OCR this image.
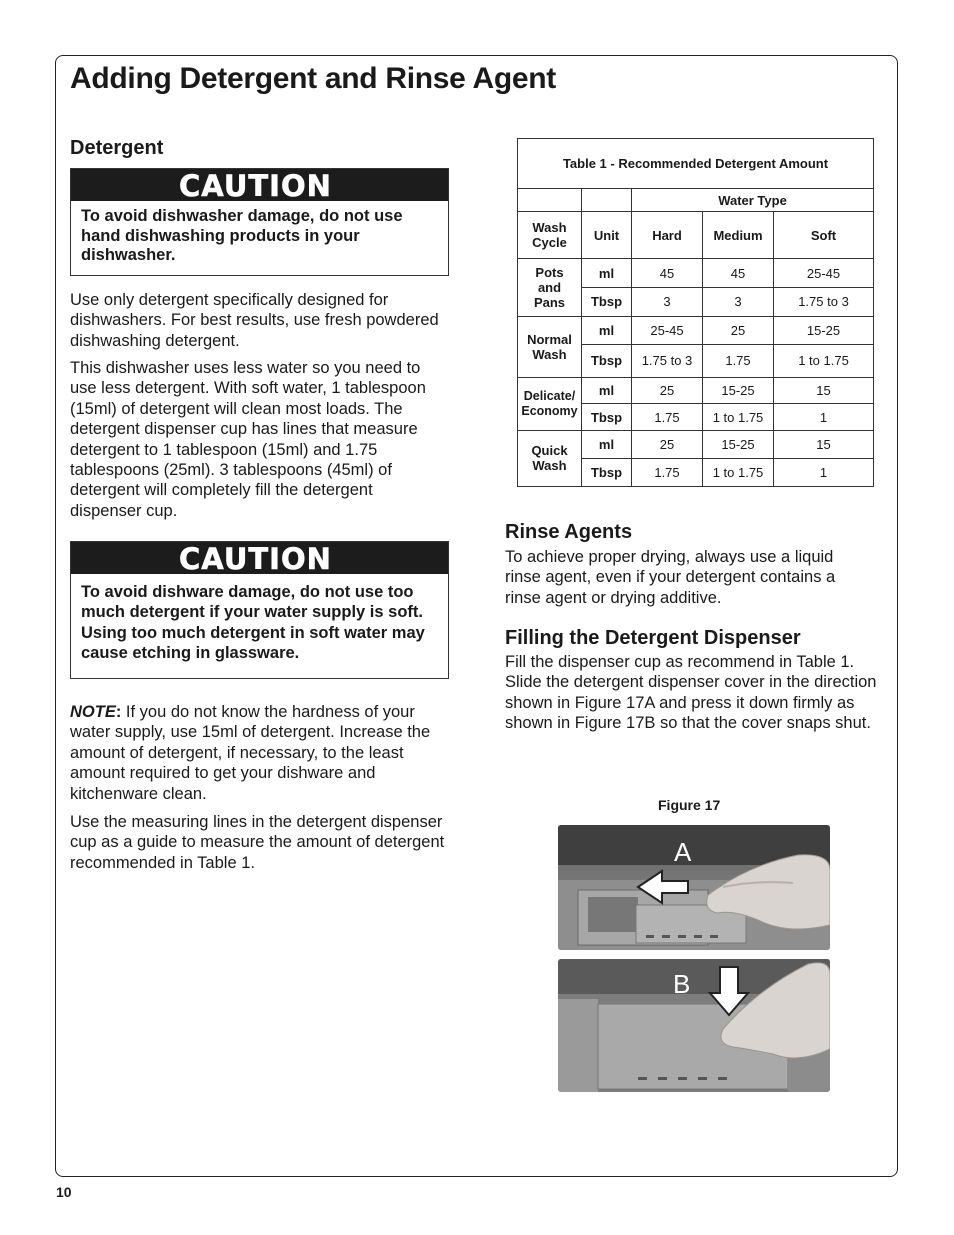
Adding Detergent and Rinse Agent
Detergent
CAUTION
To avoid dishwasher damage, do not use hand dishwashing products in your dishwasher.

Use only detergent specifically designed for dishwashers. For best results, use fresh powdered dishwashing detergent.

This dishwasher uses less water so you need to use less detergent. With soft water, 1 tablespoon (15ml) of detergent will clean most loads. The detergent dispenser cup has lines that measure detergent to 1 tablespoon (15ml) and 1.75 tablespoons (25ml). 3 tablespoons (45ml) of detergent will completely fill the detergent dispenser cup.

CAUTION
To avoid dishware damage, do not use too much detergent if your water supply is soft. Using too much detergent in soft water may cause etching in glassware.

NOTE: If you do not know the hardness of your water supply, use 15ml of detergent. Increase the amount of detergent, if necessary, to the least amount required to get your dishware and kitchenware clean.

Use the measuring lines in the detergent dispenser cup as a guide to measure the amount of detergent recommended in Table 1.

Table 1 - Recommended Detergent Amount				
		Water Type		
Wash Cycle	Unit	Hard	Medium	Soft
Pots
and
Pans	ml	45	45	25-45
	Tbsp	3	3	1.75 to 3
Normal
Wash	ml	25-45	25	15-25
	Tbsp	1.75 to 3	1.75	1 to 1.75
Delicate/
Economy	ml	25	15-25	15
	Tbsp	1.75	1 to 1.75	1
Quick
Wash	ml	25	15-25	15
	Tbsp	1.75	1 to 1.75	1
Rinse Agents

To achieve proper drying, always use a liquid rinse agent, even if your detergent contains a rinse agent or drying additive.

Filling the Detergent Dispenser

Fill the dispenser cup as recommend in Table 1. Slide the detergent dispenser cover in the direction shown in Figure 17A and press it down firmly as shown in Figure 17B so that the cover snaps shut.

Figure 17
A
B
10
